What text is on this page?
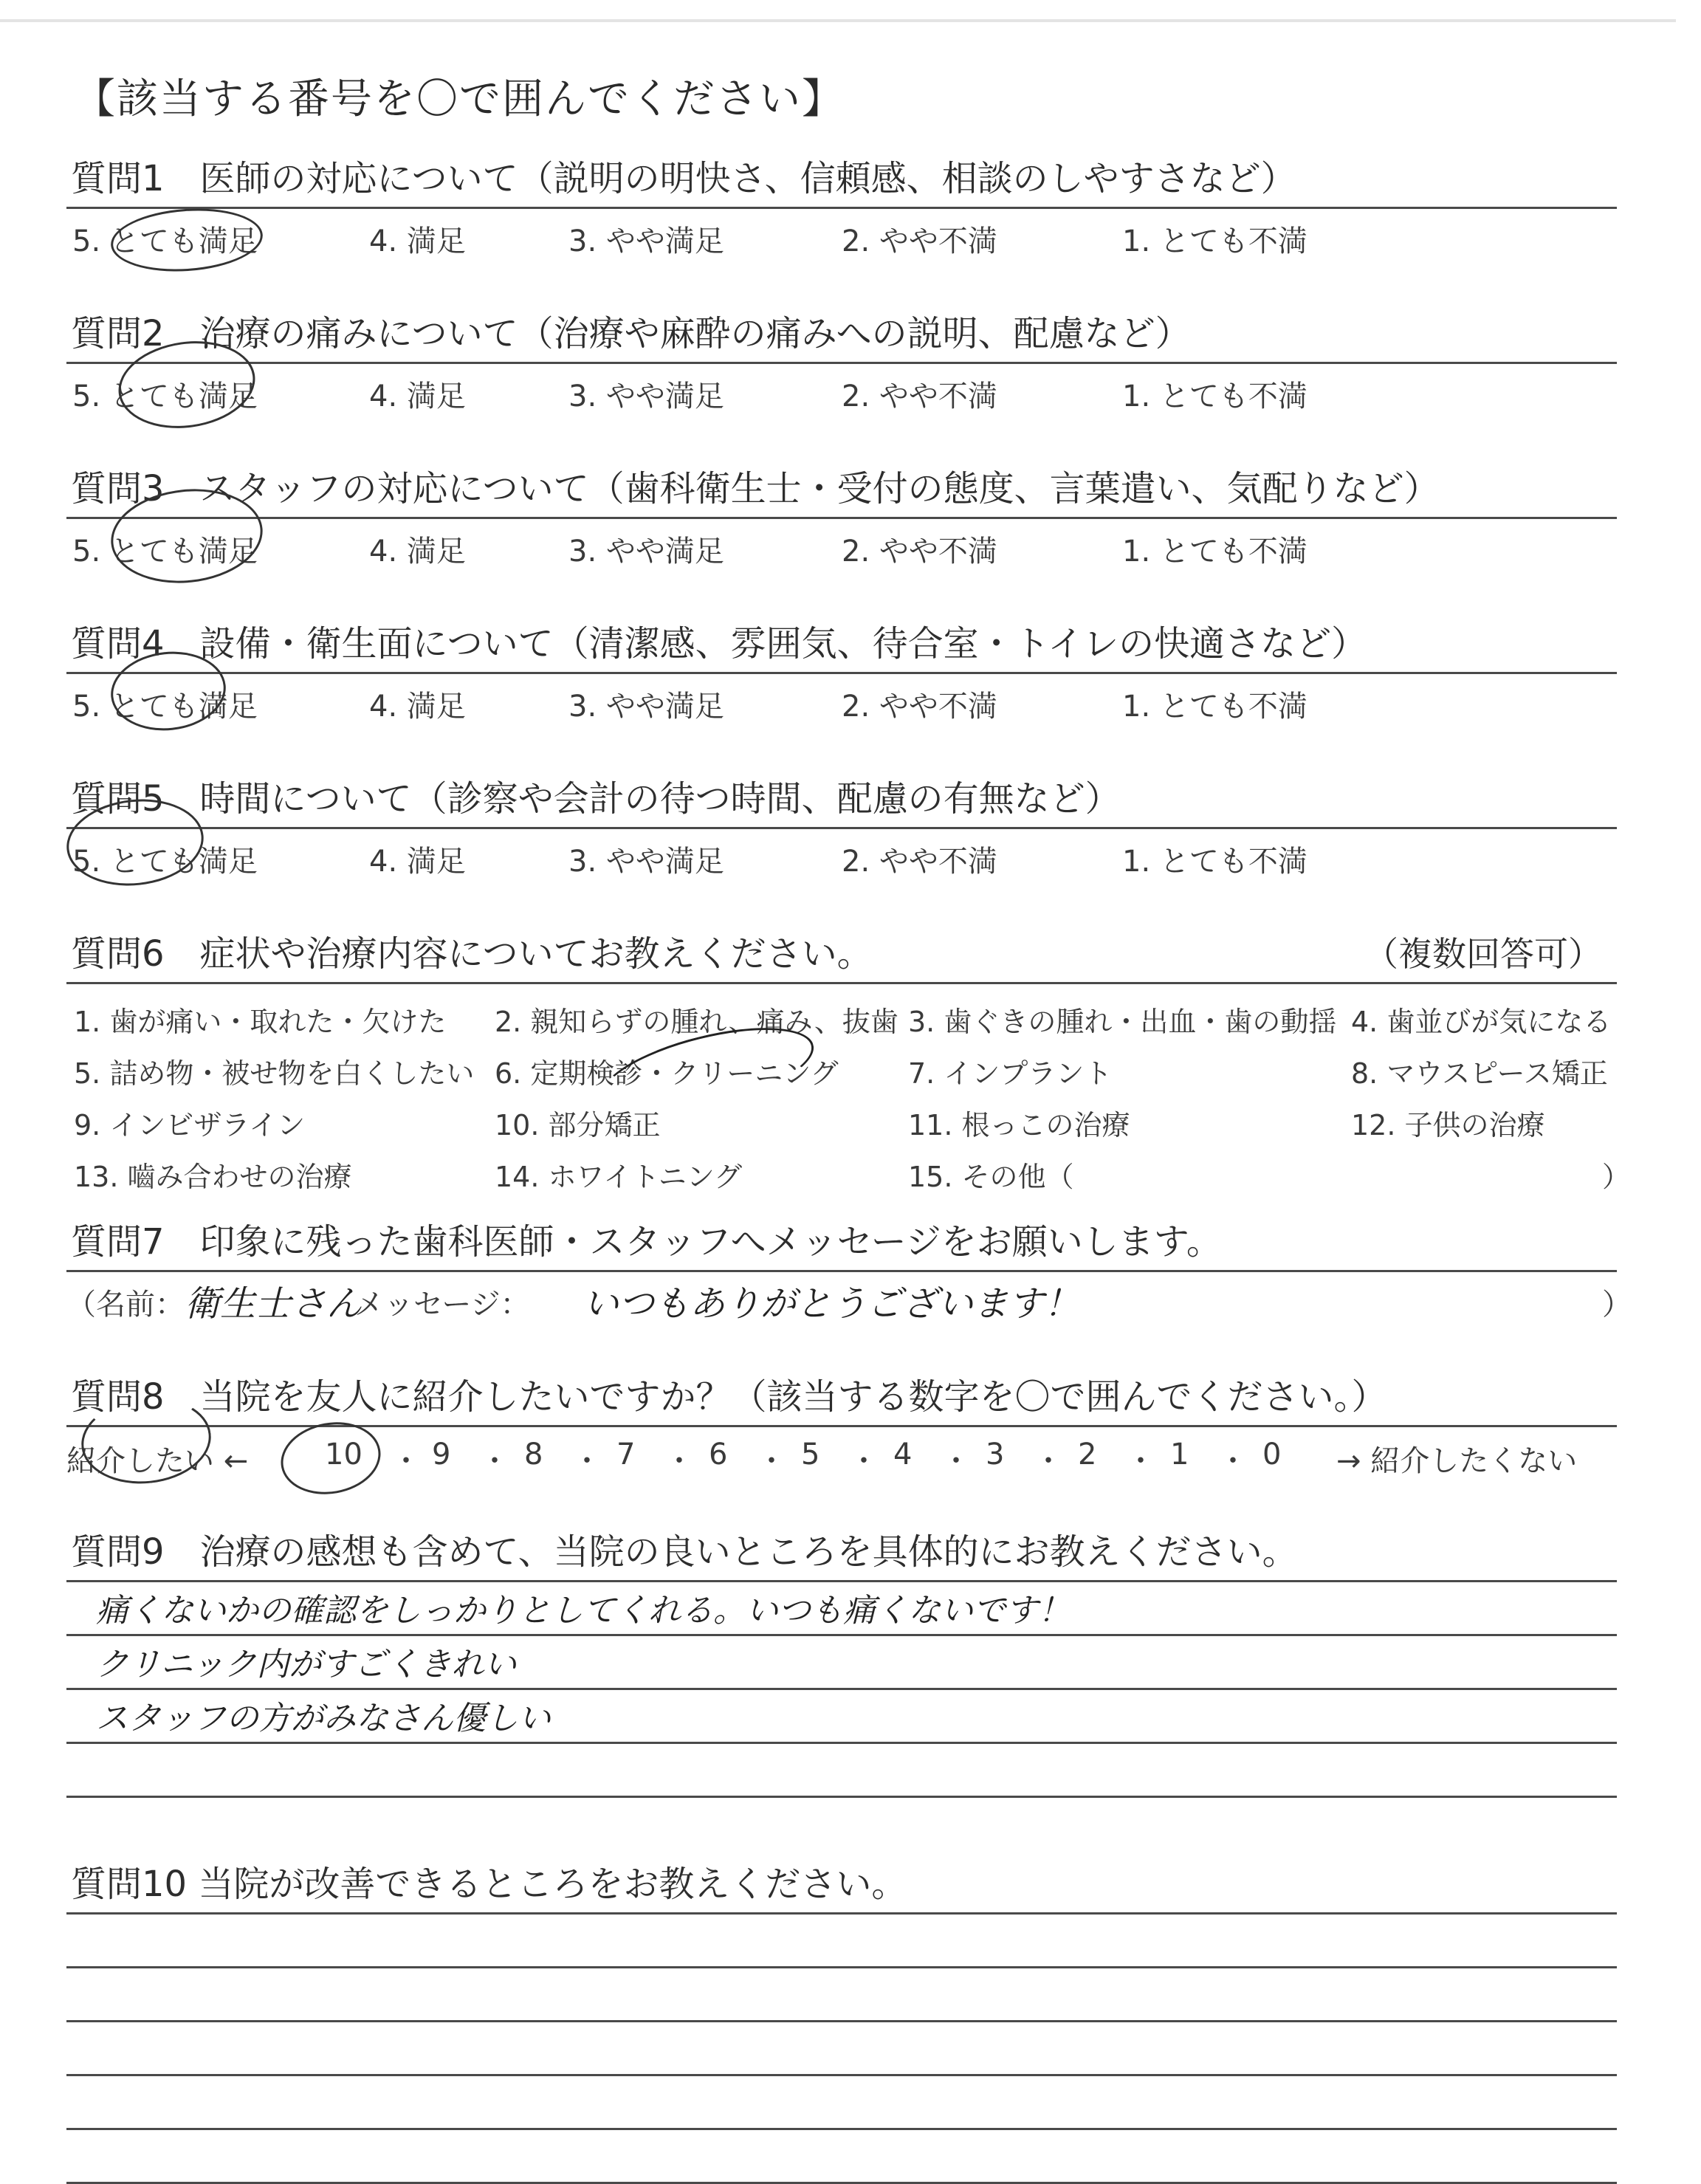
【該当する番号を〇で囲んでください】
質問1　医師の対応について（説明の明快さ、信頼感、相談のしやすさなど）
5. とても満足	4. 満足	3. やや満足	2. やや不満	1. とても不満
質問2　治療の痛みについて（治療や麻酔の痛みへの説明、配慮など）
5. とても満足	4. 満足	3. やや満足	2. やや不満	1. とても不満
質問3　スタッフの対応について（歯科衛生士・受付の態度、言葉遣い、気配りなど）
5. とても満足	4. 満足	3. やや満足	2. やや不満	1. とても不満
質問4　設備・衛生面について（清潔感、雰囲気、待合室・トイレの快適さなど）
5. とても満足	4. 満足	3. やや満足	2. やや不満	1. とても不満
質問5　時間について（診察や会計の待つ時間、配慮の有無など）
5. とても満足	4. 満足	3. やや満足	2. やや不満	1. とても不満
質問6　症状や治療内容についてお教えください。	（複数回答可）
1. 歯が痛い・取れた・欠けた 2. 親知らずの腫れ、痛み、抜歯 3. 歯ぐきの腫れ・出血・歯の動揺 4. 歯並びが気になる
5. 詰め物・被せ物を白くしたい 6. 定期検診・クリーニング 7. インプラント	8. マウスピース矯正
9. インビザライン	10. 部分矯正	11. 根っこの治療	12. 子供の治療
13. 嚙み合わせの治療	14. ホワイトニング	15. その他（	）
質問7　印象に残った歯科医師・スタッフへメッセージをお願いします。
（名前： 衛生士さん
メッセージ： いつもありがとうございます！	）
質問8　当院を友人に紹介したいですか？（該当する数字を〇で囲んでください。）
紹介したい ←	10 ・ 9 ・ 8 ・ 7 ・ 6 ・ 5 ・ 4 ・ 3 ・ 2 ・ 1 ・ 0 → 紹介したくない
質問9　治療の感想も含めて、当院の良いところを具体的にお教えください。
痛くないかの確認をしっかりとしてくれる。いつも痛くないです！
クリニック内がすごくきれい
スタッフの方がみなさん優しい
質問10 当院が改善できるところをお教えください。
